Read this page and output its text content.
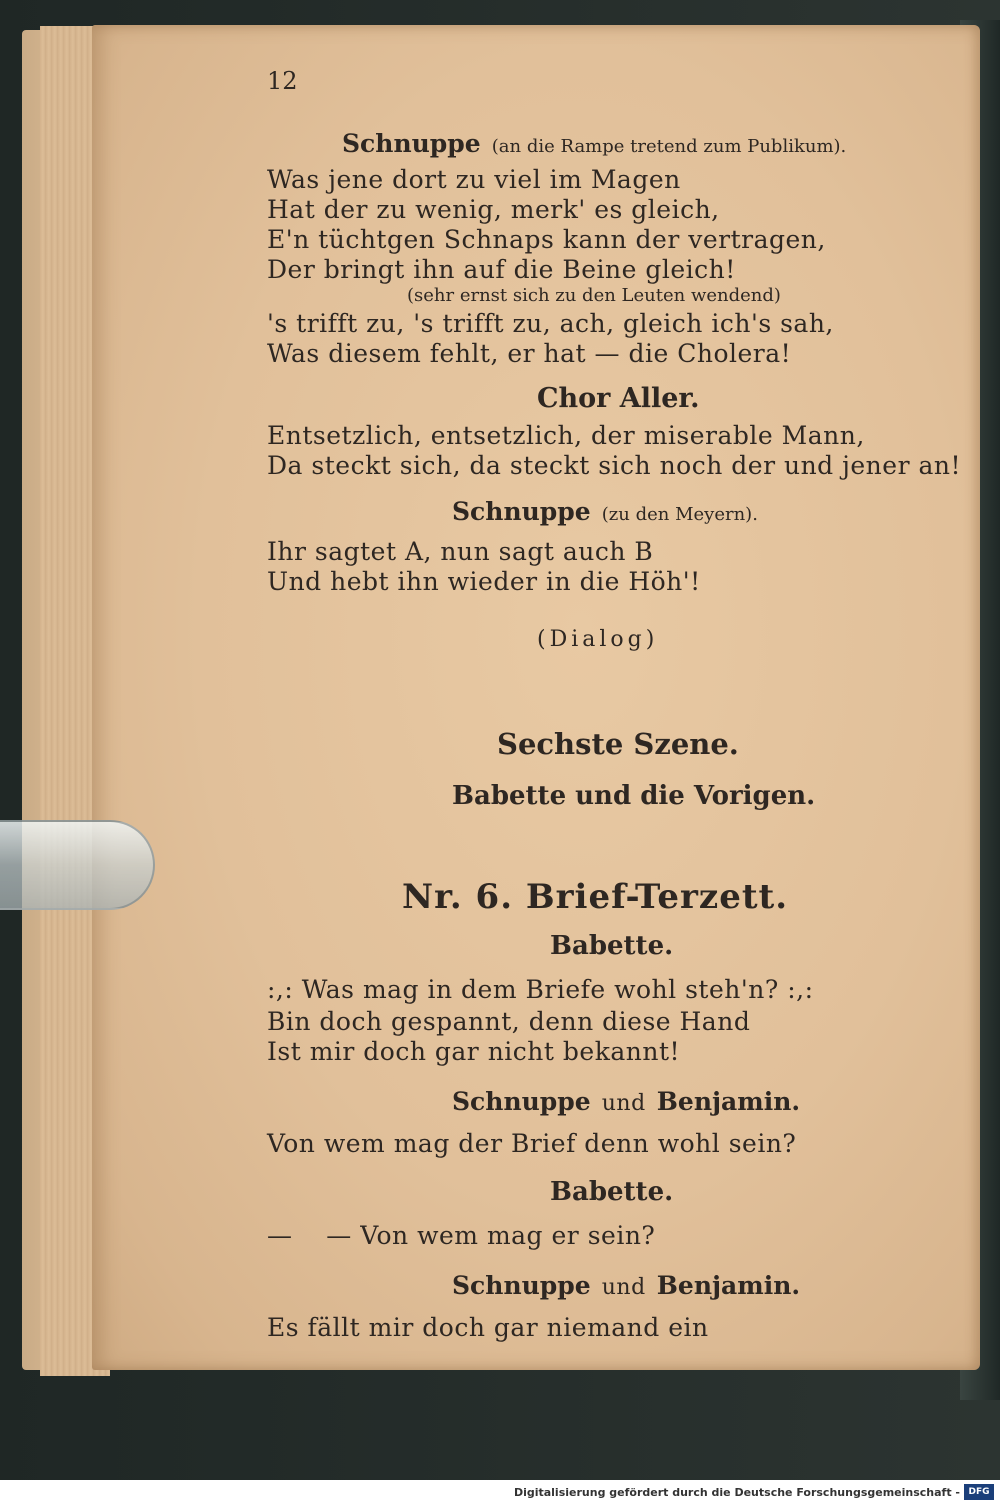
12
Schnuppe (an die Rampe tretend zum Publikum).
Was jene dort zu viel im Magen
Hat der zu wenig, merk' es gleich,
E'n tüchtgen Schnaps kann der vertragen,
Der bringt ihn auf die Beine gleich!
(sehr ernst sich zu den Leuten wendend)
's trifft zu, 's trifft zu, ach, gleich ich's sah,
Was diesem fehlt, er hat — die Cholera!
Chor Aller.
Entsetzlich, entsetzlich, der miserable Mann,
Da steckt sich, da steckt sich noch der und jener an!
Schnuppe (zu den Meyern).
Ihr sagtet A, nun sagt auch B
Und hebt ihn wieder in die Höh'!
(Dialog)
Sechste Szene.
Babette und die Vorigen.
Nr. 6. Brief-Terzett.
Babette.
:,: Was mag in dem Briefe wohl steh'n? :,:
Bin doch gespannt, denn diese Hand
Ist mir doch gar nicht bekannt!
Schnuppe und Benjamin.
Von wem mag der Brief denn wohl sein?
Babette.
—    — Von wem mag er sein?
Schnuppe und Benjamin.
Es fällt mir doch gar niemand ein
Digitalisierung gefördert durch die Deutsche Forschungsgemeinschaft - DFG
